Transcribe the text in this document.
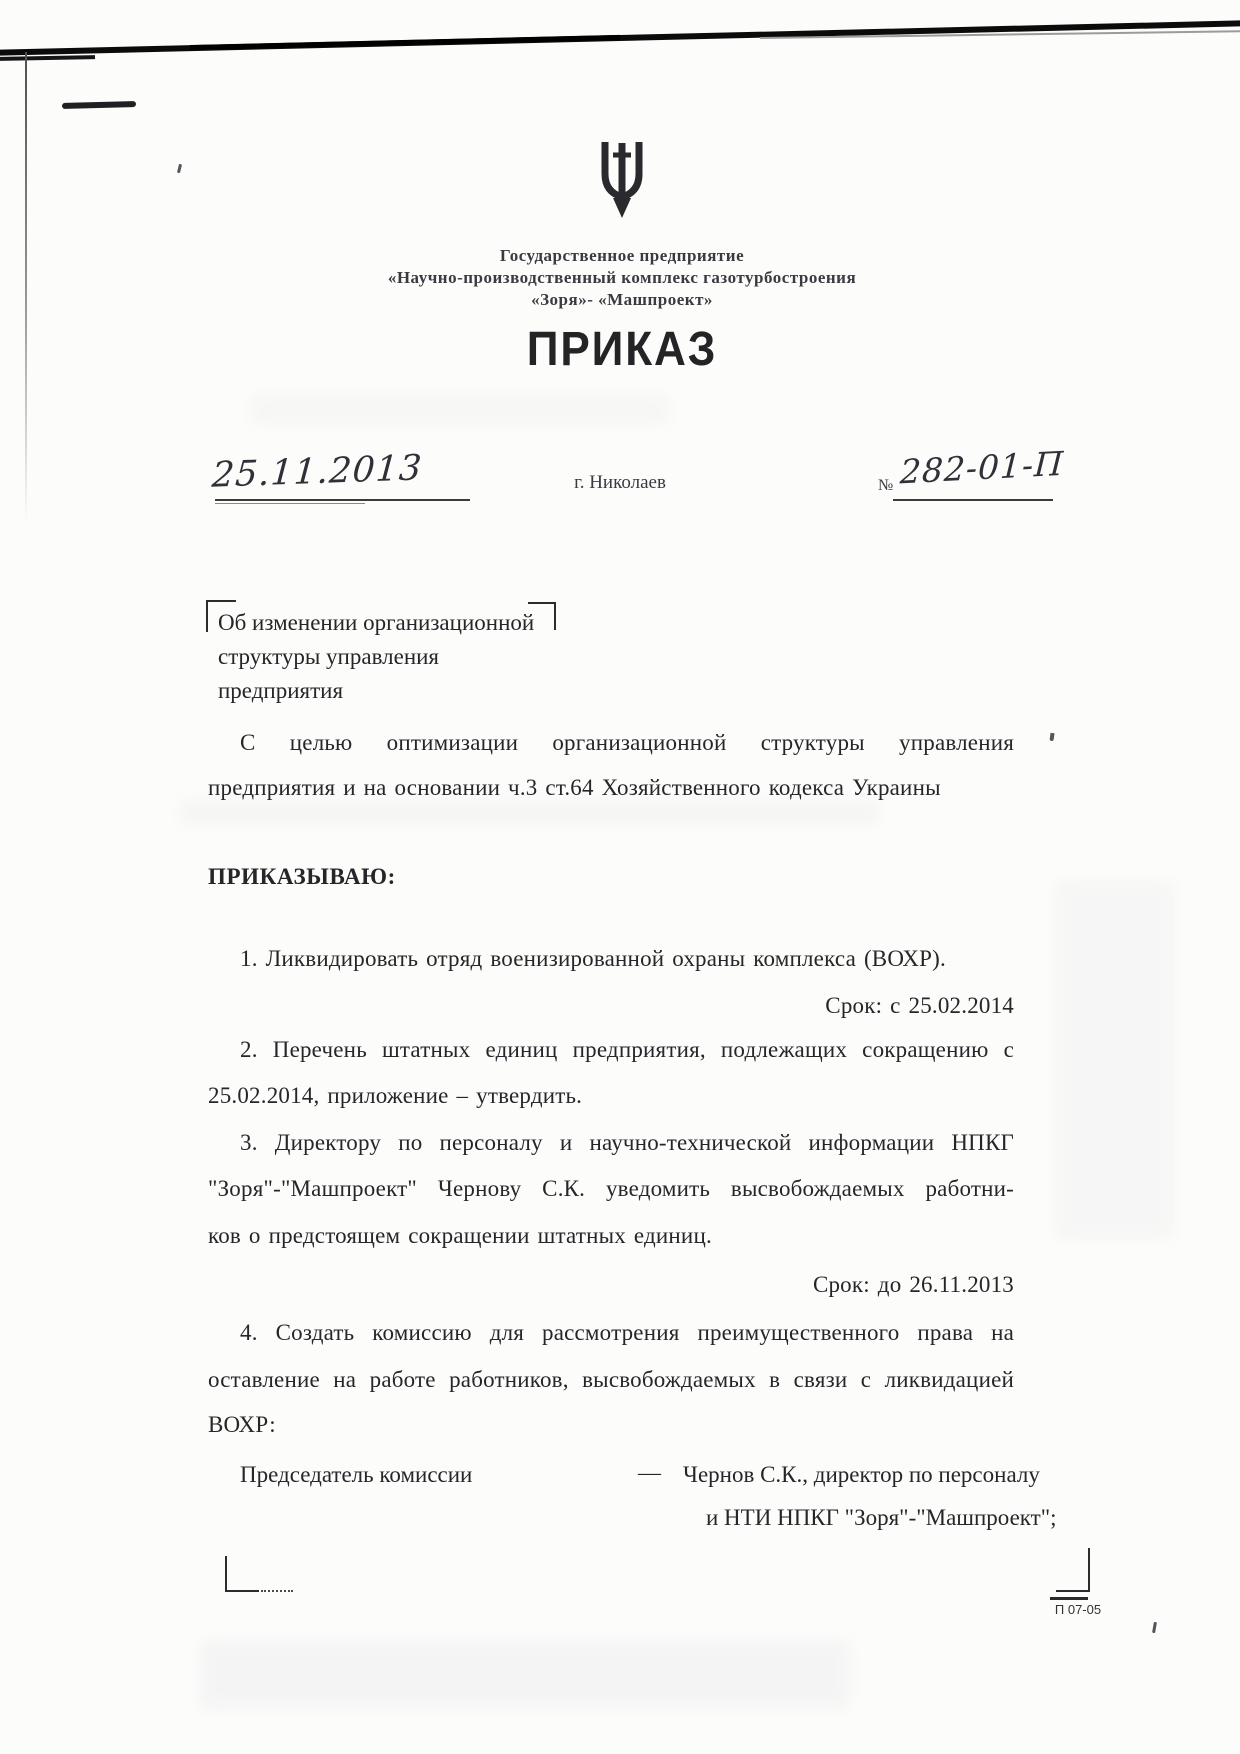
Государственное предприятие
«Научно-производственный комплекс газотурбостроения
«Зоря»- «Машпроект»
ПРИКАЗ
25.11.2013	г. Николаев	№ 282-01-П
Об изменении организационной
структуры управления предприятия
С целью оптимизации организационной структуры управления
предприятия и на основании ч.3 ст.64 Хозяйственного кодекса Украины
ПРИКАЗЫВАЮ:
1. Ликвидировать отряд военизированной охраны комплекса (ВОХР).
Срок: с 25.02.2014
2. Перечень штатных единиц предприятия, подлежащих сокращению с
25.02.2014, приложение – утвердить.
3. Директору по персоналу и научно-технической информации НПКГ
"Зоря"-"Машпроект" Чернову С.К. уведомить высвобождаемых работни-
ков о предстоящем сокращении штатных единиц.
Срок: до 26.11.2013
4. Создать комиссию для рассмотрения преимущественного права на
оставление на работе работников, высвобождаемых в связи с ликвидацией
ВОХР:
Председатель комиссии	— Чернов С.К., директор по персоналу
и НТИ НПКГ "Зоря"-"Машпроект";
П 07-05
